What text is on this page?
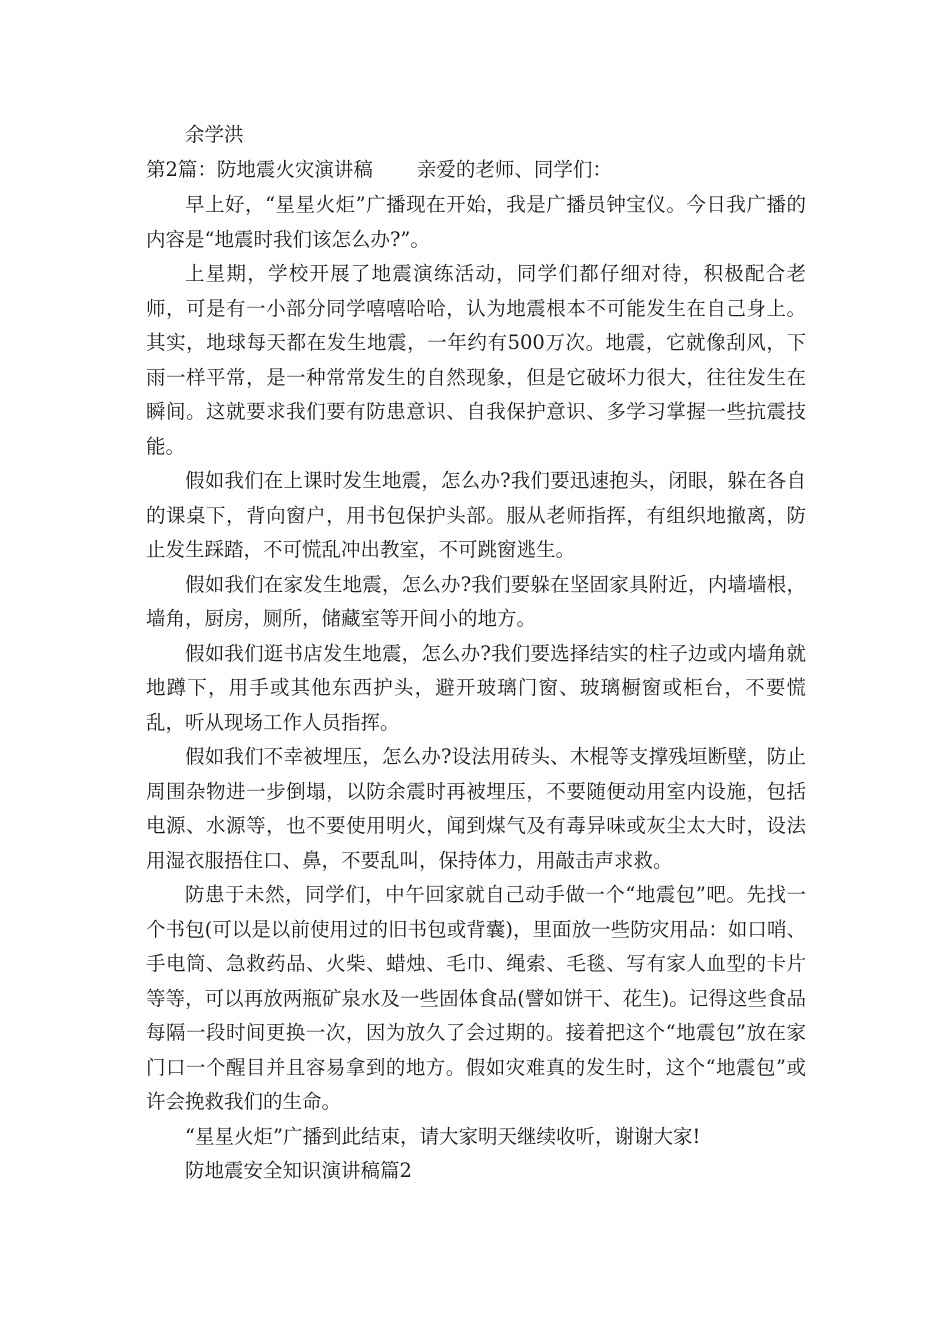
余学洪

第2篇：防地震火灾演讲稿 亲爱的老师、同学们：

早上好，“星星火炬”广播现在开始，我是广播员钟宝仪。今日我广播的内容是“地震时我们该怎么办?”。

上星期，学校开展了地震演练活动，同学们都仔细对待，积极配合老师，可是有一小部分同学嘻嘻哈哈，认为地震根本不可能发生在自己身上。其实，地球每天都在发生地震，一年约有500万次。地震，它就像刮风，下雨一样平常，是一种常常发生的自然现象，但是它破坏力很大，往往发生在瞬间。这就要求我们要有防患意识、自我保护意识、多学习掌握一些抗震技能。

假如我们在上课时发生地震，怎么办?我们要迅速抱头，闭眼，躲在各自的课桌下，背向窗户，用书包保护头部。服从老师指挥，有组织地撤离，防止发生踩踏，不可慌乱冲出教室，不可跳窗逃生。

假如我们在家发生地震，怎么办?我们要躲在坚固家具附近，内墙墙根，墙角，厨房，厕所，储藏室等开间小的地方。

假如我们逛书店发生地震，怎么办?我们要选择结实的柱子边或内墙角就地蹲下，用手或其他东西护头，避开玻璃门窗、玻璃橱窗或柜台，不要慌乱，听从现场工作人员指挥。

假如我们不幸被埋压，怎么办?设法用砖头、木棍等支撑残垣断壁，防止周围杂物进一步倒塌，以防余震时再被埋压，不要随便动用室内设施，包括电源、水源等，也不要使用明火，闻到煤气及有毒异味或灰尘太大时，设法用湿衣服捂住口、鼻，不要乱叫，保持体力，用敲击声求救。

防患于未然，同学们，中午回家就自己动手做一个“地震包”吧。先找一个书包(可以是以前使用过的旧书包或背囊)，里面放一些防灾用品：如口哨、手电筒、急救药品、火柴、蜡烛、毛巾、绳索、毛毯、写有家人血型的卡片等等，可以再放两瓶矿泉水及一些固体食品(譬如饼干、花生)。记得这些食品每隔一段时间更换一次，因为放久了会过期的。接着把这个“地震包”放在家门口一个醒目并且容易拿到的地方。假如灾难真的发生时，这个“地震包”或许会挽救我们的生命。

“星星火炬”广播到此结束，请大家明天继续收听，谢谢大家!

防地震安全知识演讲稿篇2
